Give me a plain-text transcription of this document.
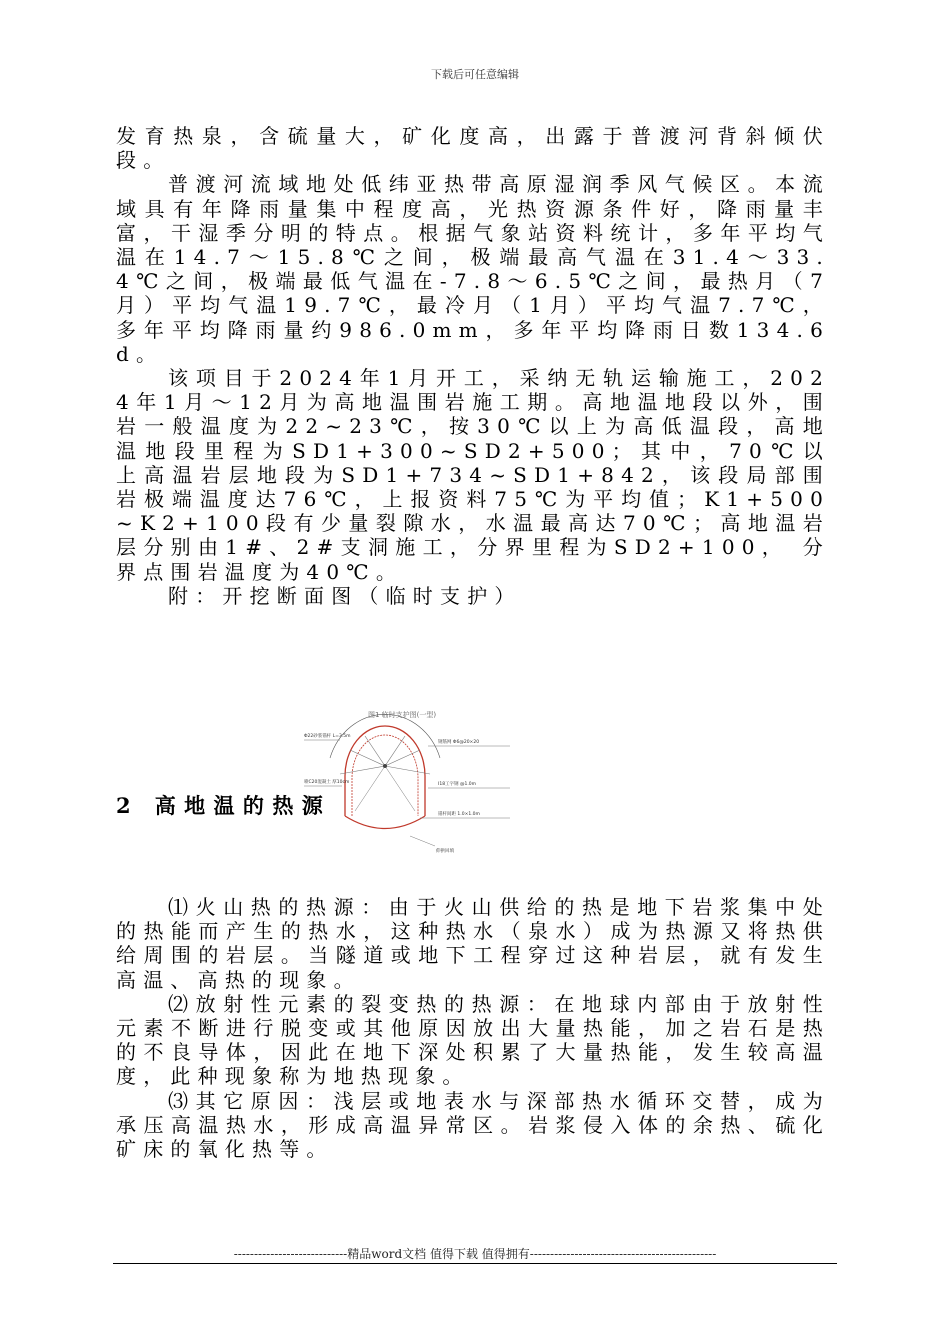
下载后可任意编辑

发育热泉，含硫量大，矿化度高，出露于普渡河背斜倾伏段。

普渡河流域地处低纬亚热带高原湿润季风气候区。本流域具有年降雨量集中程度高，光热资源条件好，降雨量丰富，干湿季分明的特点。根据气象站资料统计，多年平均气温在14.7～15.8℃之间，极端最高气温在31.4～33.4℃之间，极端最低气温在-7.8～6.5℃之间，最热月（7月）平均气温19.7℃，最冷月（1月）平均气温7.7℃，多年平均降雨量约986.0mm，多年平均降雨日数134.6d。

该项目于2024年1月开工，采纳无轨运输施工，2024年1月～12月为高地温围岩施工期。高地温地段以外，围岩一般温度为22~23℃，按30℃以上为高低温段，高地温地段里程为SD1+300~SD2+500；其中，70℃以上高温岩层地段为SD1+734~SD1+842，该段局部围岩极端温度达76℃，上报资料75℃为平均值；K1+500~K2+100段有少量裂隙水，水温最高达70℃；高地温岩层分别由1#、2#支洞施工，分界里程为SD2+100， 分界点围岩温度为40℃。

附：开挖断面图（临时支护）

图1 临时支护图(一型)
Φ22砂浆锚杆 L=3.5m
喷C20混凝土 厚10cm
钢筋网 Φ6@20×20
I18工字钢 @1.0m
锚杆间距 1.0×1.0m
仰拱回填
2 高地温的热源

⑴火山热的热源：由于火山供给的热是地下岩浆集中处的热能而产生的热水，这种热水（泉水）成为热源又将热供给周围的岩层。当隧道或地下工程穿过这种岩层，就有发生高温、高热的现象。

⑵放射性元素的裂变热的热源：在地球内部由于放射性元素不断进行脱变或其他原因放出大量热能，加之岩石是热的不良导体，因此在地下深处积累了大量热能，发生较高温度，此种现象称为地热现象。

⑶其它原因：浅层或地表水与深部热水循环交替，成为承压高温热水，形成高温异常区。岩浆侵入体的余热、硫化矿床的氧化热等。

----------------------------精品word文档 值得下载 值得拥有----------------------------------------------
